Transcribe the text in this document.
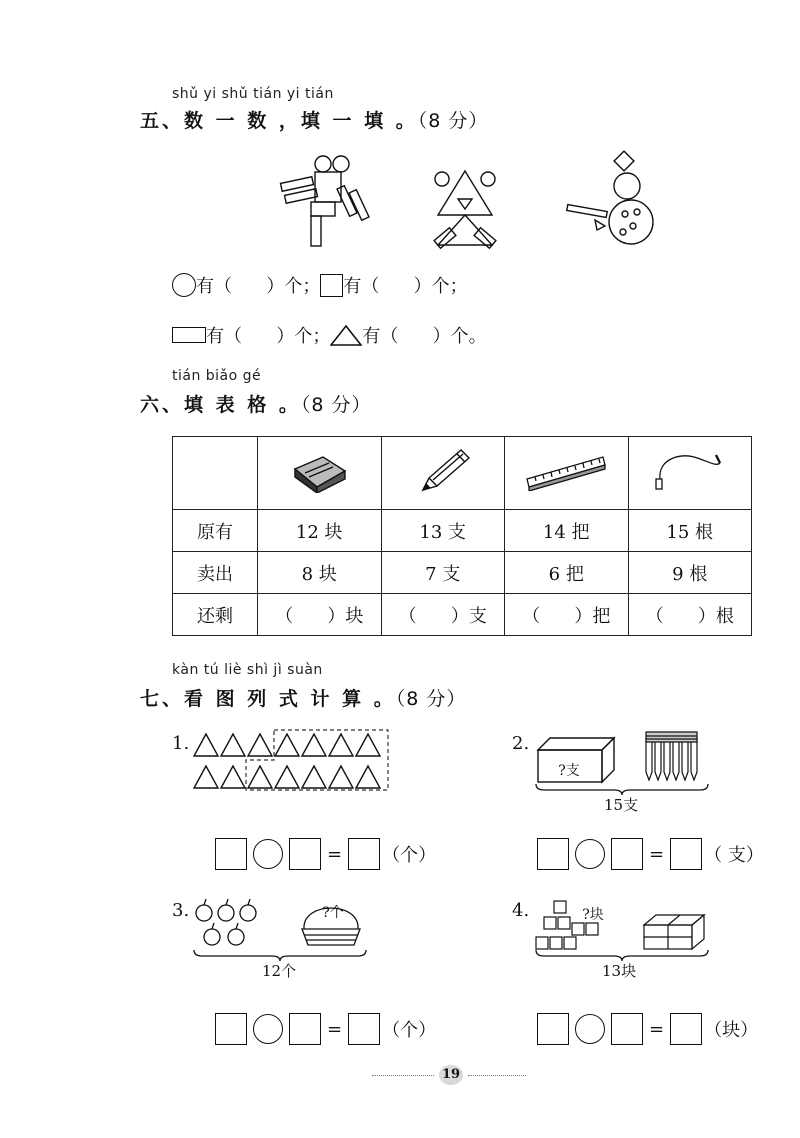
shǔ yi shǔ tián yi tián
五、数 一 数 ，填 一 填 。（8 分）
有（      ）个； 有（      ）个；
有（      ）个； 有（      ）个。
tián biǎo gé
六、填 表 格 。（8 分）

原有	12 块	13 支	14 把	15 根
卖出	8 块	7 支	6 把	9 根
还剩	（      ）块	（      ）支	（      ）把	（      ）根
kàn tú liè shì jì suàn
七、看 图 列 式 计 算 。（8 分）
1.	2.
?支
15支
= （个）	= （ 支）
3.	?个
12个
4.	?块
13块
= （个）	= （块）
19
